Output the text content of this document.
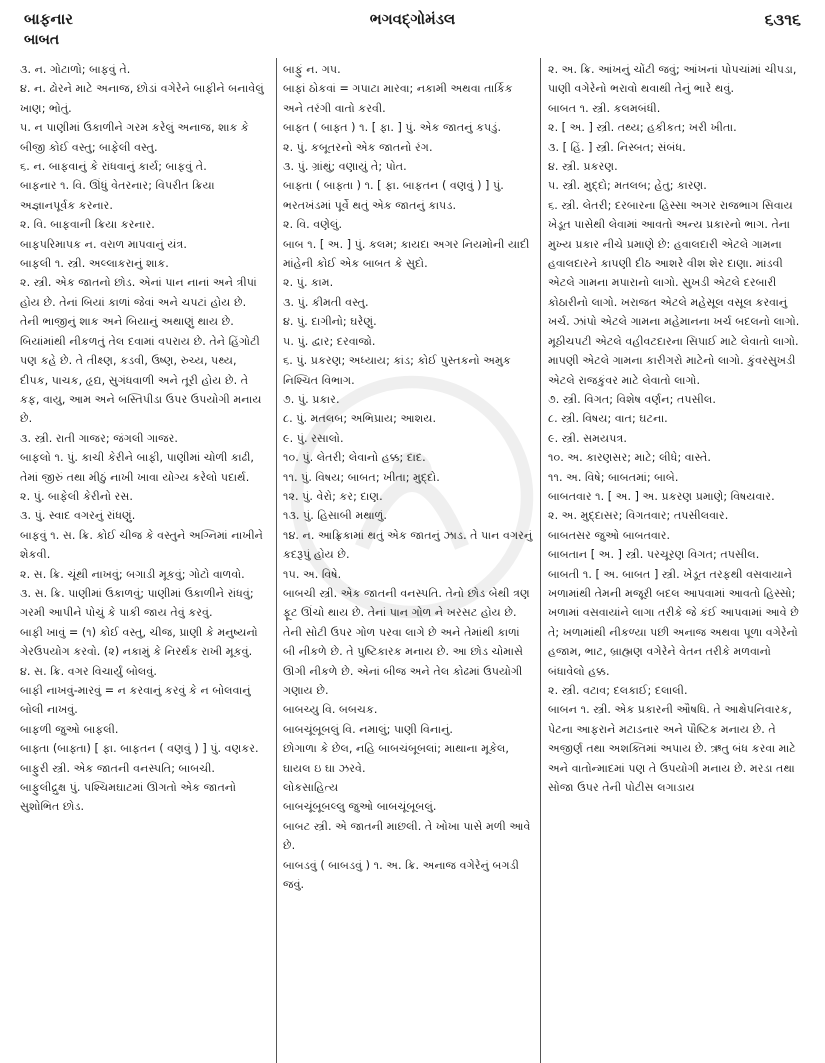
બાફનાર
બાબત
ભગવદ્ગોમંડલ	૬૩૧૬

૩. ન. ગોટાળો; બાફવું તે.

૪. ન. ઢોરને માટે અનાજ, છોડાં વગેરેને બાફીને બનાવેલું ખાણ; ભોતું.

૫. ન પાણીમાં ઉકાળીને ગરમ કરેલું અનાજ, શાક કે બીજી કોઈ વસ્તુ; બાફેલી વસ્તુ.

૬. ન. બાફવાનું કે રાંધવાનું કાર્ય; બાફવું તે.

બાફનાર ૧. વિ. ઊંધું વેતરનાર; વિપરીત ક્રિયા અજ્ઞાનપૂર્વક કરનાર.

૨. વિ. બાફવાની ક્રિયા કરનાર.

બાફપરિમાપક ન. વરાળ માપવાનું યંત્ર.

બાફલી ૧. સ્ત્રી. અલ્લાકરાનું શાક.

૨. સ્ત્રી. એક જાતનો છોડ. એનાં પાન નાનાં અને ત્રીપાં હોય છે. તેનાં બિયાં કાળાં જેવાં અને ચપટાં હોય છે. તેની ભાજીનું શાક અને બિયાનું અથાણું થાય છે. બિયાંમાંથી નીકળતું તેલ દવામાં વપરાય છે. તેને હિંગોટી પણ કહે છે. તે તીક્ષ્ણ, કડવી, ઉષ્ણ, રુચ્ય, પથ્ય, દીપક, પાચક, હૃદ્ય, સુગંધવાળી અને તૂરી હોય છે. તે કફ, વાયુ, આમ અને બસ્તિપીડા ઉપર ઉપયોગી મનાય છે.

૩. સ્ત્રી. રાતી ગાજર; જંગલી ગાજર.

બાફલો ૧. પું. કાચી કેરીને બાફી, પાણીમાં ચોળી કાઢી, તેમાં જીરું તથા મીઠું નાખી ખાવા યોગ્ય કરેલો પદાર્થ.

૨. પું. બાફેલી કેરીનો રસ.

૩. પું. સ્વાદ વગરનું રાંધણું.

બાફવું ૧. સ. ક્રિ. કોઈ ચીજ કે વસ્તુને અગ્નિમાં નાખીને શેકવી.

૨. સ. ક્રિ. ચૂંથી નાખવું; બગાડી મૂકવું; ગોટો વાળવો.

૩. સ. ક્રિ. પાણીમાં ઉકાળવું; પાણીમાં ઉકાળીને રાંધવું; ગરમી આપીને પોચું કે પાકી જાય તેવું કરવું.

બાફી ખાવું = (૧) કોઈ વસ્તુ, ચીજ, પ્રાણી કે મનુષ્યનો ગેરઉપયોગ કરવો. (૨) નકામું કે નિરર્થક રાખી મૂકવું.

૪. સ. ક્રિ. વગર વિચાર્યું બોલવું.

બાફી નાખવું-મારવું = ન કરવાનું કરવું કે ન બોલવાનું બોલી નાખવું.

બાફળી જુઓ બાફલી.

બાફ્તા (બાફ્તા) [ ફા. બાફતન ( વણવું ) ] પું. વણકર.

બાફુરી સ્ત્રી. એક જાતની વનસ્પતિ; બાબચી.

બાફુલીદ્રુક્ષ પું. પશ્ચિમઘાટમાં ઊગતો એક જાતનો સુશોભિત છોડ.

બાફું ન. ગપ.

બાફાં ઠોકવાં = ગપાટા મારવા; નકામી અથવા તાર્કિક અને તરંગી વાતો કરવી.

બાફ્ત ( બાફ્ત ) ૧. [ ફા. ] પું. એક જાતનું કપડું.

૨. પું. કબૂતરનો એક જાતનો રંગ.

૩. પું. ગ્રાંથું; વણાયું તે; પોત.

બાફ્તા ( બાફ્તા ) ૧. [ ફા. બાફતન ( વણવું ) ] પું. ભરતખંડમાં પૂર્વે થતું એક જાતનું કાપડ.

૨. વિ. વણેલું.

બાબ ૧. [ અ. ] પું. કલમ; કાયદા અગર નિયમોની યાદી માંહેની કોઈ એક બાબત કે સુદો.

૨. પું. કામ.

૩. પું. કીમતી વસ્તુ.

૪. પું. દાગીનો; ઘરેણું.

૫. પું. દ્વાર; દરવાજો.

૬. પું. પ્રકરણ; અધ્યાય; કાંડ; કોઈ પુસ્તકનો અમુક નિશ્ચિત વિભાગ.

૭. પું. પ્રકાર.

૮. પું. મતલબ; અભિપ્રાય; આશય.

૯. પું. રસાલો.

૧૦. પું. લેતરી; લેવાનો હક્ક; દાદ.

૧૧. પું. વિષય; બાબત; ખીતા; મુદ્દો.

૧૨. પું. વેરો; કર; દાણ.

૧૩. પું. હિસાબી મથાળું.

૧૪. ન. આફ્રિકામાં થતું એક જાતનું ઝાડ. તે પાન વગરનું કદરૂપું હોય છે.

૧૫. અ. વિષે.

બાબચી સ્ત્રી. એક જાતની વનસ્પતિ. તેનો છોડ બેથી ત્રણ ફૂટ ઊંચો થાય છે. તેનાં પાન ગોળ ને ખરસટ હોય છે. તેની સોટી ઉપર ગોળ પરવા લાગે છે અને તેમાંથી કાળાં બી નીકળે છે. તે પુષ્ટિકારક મનાય છે. આ છોડ ચોમાસે ઊગી નીકળે છે. એનાં બીજ અને તેલ કોઢમાં ઉપયોગી ગણાય છે.

બાબચ્યુ વિ. બબચક.

બાબચૂંબૂબલું વિ. નમાલું; પાણી વિનાનું.

છોગાળા કે છેલ, નહિ બાબચંબૂબલાં; માથાના મૂકેલ, ઘાયલ ઇ ઘા ઝરવે.

લોકસાહિત્ય

બાબચૂંબૂબલ્લુ જુઓ બાબચૂંબૂબલું.

બાબટ સ્ત્રી. એ જાતની માછલી. તે ખોખા પાસે મળી આવે છે.

બાબડવું ( બાબડવું ) ૧. અ. ક્રિ. અનાજ વગેરેનું બગડી જવું.

૨. અ. ક્રિ. આંખનું ચોંટી જવું; આંખનાં પોપચાંમાં ચીપડા, પાણી વગેરેનો ભરાવો થવાથી તેનું ભારે થવું.

બાબત ૧. સ્ત્રી. કલમબંધી.

૨. [ અ. ] સ્ત્રી. તથ્ય; હકીકત; ખરી ખીતા.

૩. [ હિં. ] સ્ત્રી. નિસ્બત; સંબંધ.

૪. સ્ત્રી. પ્રકરણ.

૫. સ્ત્રી. મુદ્દો; મતલબ; હેતુ; કારણ.

૬. સ્ત્રી. લેતરી; દરબારના હિસ્સા અગર રાજભાગ સિવાય ખેડૂત પાસેથી લેવામાં આવતો અન્ય પ્રકારનો ભાગ. તેના મુખ્ય પ્રકાર નીચે પ્રમાણે છે: હવાલદારી એટલે ગામના હવાલદારને કાપણી દીઠ આશરે વીશ શેર દાણા. માંડવી એટલે ગામના મપારાનો લાગો. સુખડી એટલે દરબારી કોઠારીનો લાગો. ખરાજત એટલે મહેસૂલ વસૂલ કરવાનું ખર્ચ. ઝાંપો એટલે ગામના મહેમાનના ખર્ચ બદલનો લાગો. મૂઠીચપટી એટલે વહીવટદારના સિપાઈ માટે લેવાતો લાગો. માપણી એટલે ગામના કારીગરો માટેનો લાગો. કુંવરસુખડી એટલે રાજકુંવર માટે લેવાતો લાગો.

૭. સ્ત્રી. વિગત; વિશેષ વર્ણન; તપસીલ.

૮. સ્ત્રી. વિષય; વાત; ઘટના.

૯. સ્ત્રી. સમયપત્ર.

૧૦. અ. કારણસર; માટે; લીધે; વાસ્તે.

૧૧. અ. વિષે; બાબતમાં; બાબે.

બાબતવાર ૧. [ અ. ] અ. પ્રકરણ પ્રમાણે; વિષયવાર.

૨. અ. મુદ્દાસર; વિગતવાર; તપસીલવાર.

બાબતસર જુઓ બાબતવાર.

બાબતાન [ અ. ] સ્ત્રી. પરચૂરણ વિગત; તપસીલ.

બાબતી ૧. [ અ. બાબત ] સ્ત્રી. ખેડૂત તરફથી વસવાયાને ખળામાંથી તેમની મજૂરી બદલ આપવામાં આવતો હિસ્સો; ખળામાં વસવાયાંને લાગા તરીકે જે કંઈ આપવામાં આવે છે તે; ખળામાંથી નીકળ્યા પછી અનાજ અથવા પૂળા વગેરેનો હજામ, ભાટ, બ્રાહ્મણ વગેરેને વેતન તરીકે મળવાનો બંધાવેલો હક્ક.

૨. સ્ત્રી. વટાવ; દલકાઈ; દલાલી.

બાબન ૧. સ્ત્રી. એક પ્રકારની ઔષધિ. તે આક્ષેપનિવારક, પેટના આફરાને મટાડનાર અને પૌષ્ટિક મનાય છે. તે અજીર્ણ તથા અશક્તિમાં અપાય છે. ઋતુ બંધ કરવા માટે અને વાતોન્માદમાં પણ તે ઉપયોગી મનાય છે. મરડા તથા સોજા ઉપર તેની પોટીસ લગાડાય
